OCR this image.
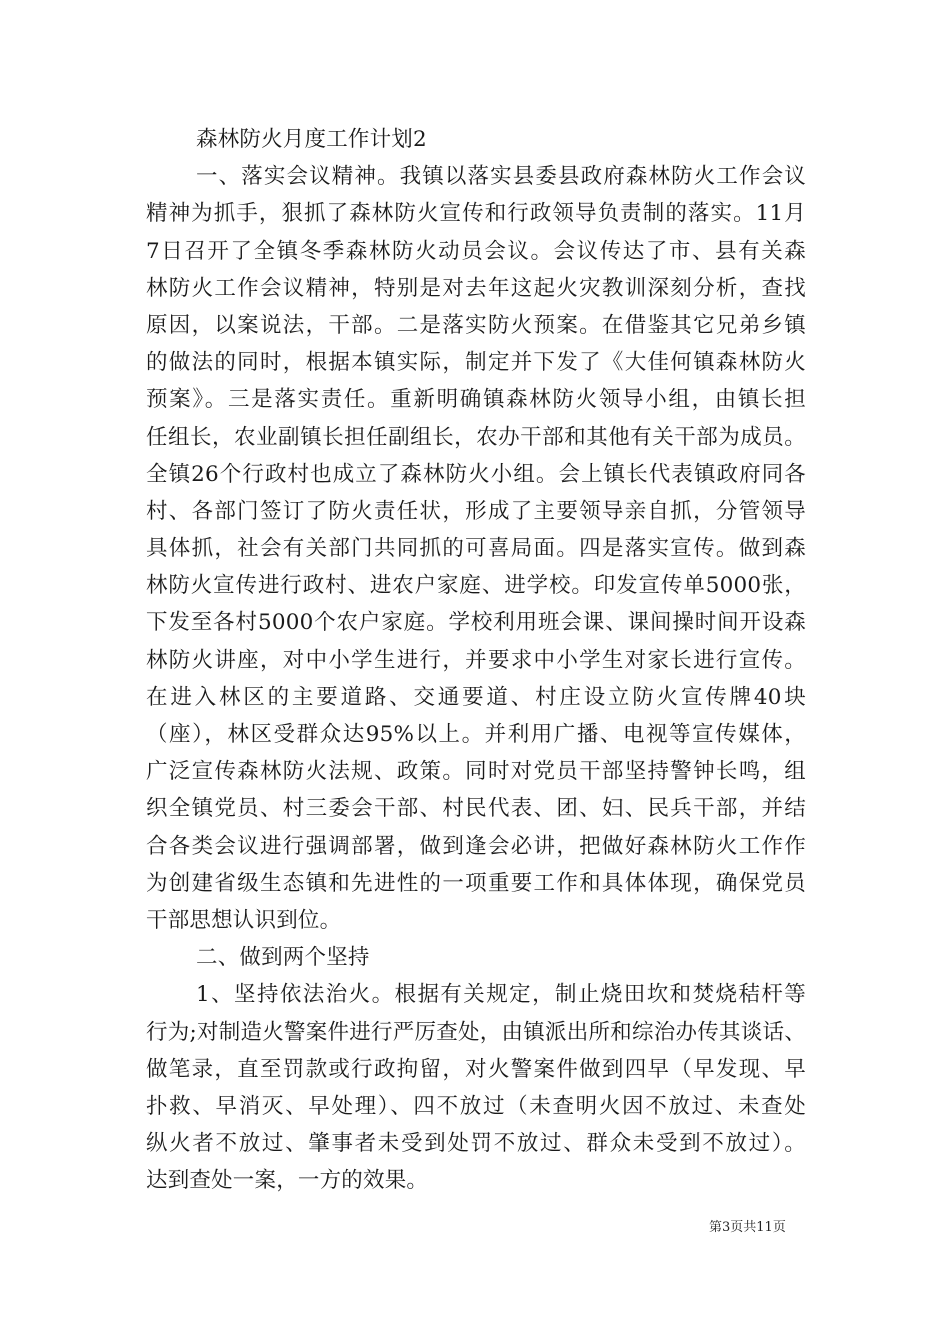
森林防火月度工作计划2
一、落实会议精神。我镇以落实县委县政府森林防火工作会议
精神为抓手，狠抓了森林防火宣传和行政领导负责制的落实。11月
7日召开了全镇冬季森林防火动员会议。会议传达了市、县有关森
林防火工作会议精神，特别是对去年这起火灾教训深刻分析，查找
原因，以案说法，干部。二是落实防火预案。在借鉴其它兄弟乡镇
的做法的同时，根据本镇实际，制定并下发了《大佳何镇森林防火
预案》。三是落实责任。重新明确镇森林防火领导小组，由镇长担
任组长，农业副镇长担任副组长，农办干部和其他有关干部为成员。
全镇26个行政村也成立了森林防火小组。会上镇长代表镇政府同各
村、各部门签订了防火责任状，形成了主要领导亲自抓，分管领导
具体抓，社会有关部门共同抓的可喜局面。四是落实宣传。做到森
林防火宣传进行政村、进农户家庭、进学校。印发宣传单5000张，
下发至各村5000个农户家庭。学校利用班会课、课间操时间开设森
林防火讲座，对中小学生进行，并要求中小学生对家长进行宣传。
在进入林区的主要道路、交通要道、村庄设立防火宣传牌40块
（座），林区受群众达95%以上。并利用广播、电视等宣传媒体，
广泛宣传森林防火法规、政策。同时对党员干部坚持警钟长鸣，组
织全镇党员、村三委会干部、村民代表、团、妇、民兵干部，并结
合各类会议进行强调部署，做到逢会必讲，把做好森林防火工作作
为创建省级生态镇和先进性的一项重要工作和具体体现，确保党员
干部思想认识到位。
二、做到两个坚持
1、坚持依法治火。根据有关规定，制止烧田坎和焚烧秸杆等
行为;对制造火警案件进行严厉查处，由镇派出所和综治办传其谈话、
做笔录，直至罚款或行政拘留，对火警案件做到四早（早发现、早
扑救、早消灭、早处理）、四不放过（未查明火因不放过、未查处
纵火者不放过、肇事者未受到处罚不放过、群众未受到不放过）。
达到查处一案，一方的效果。
第3页共11页
